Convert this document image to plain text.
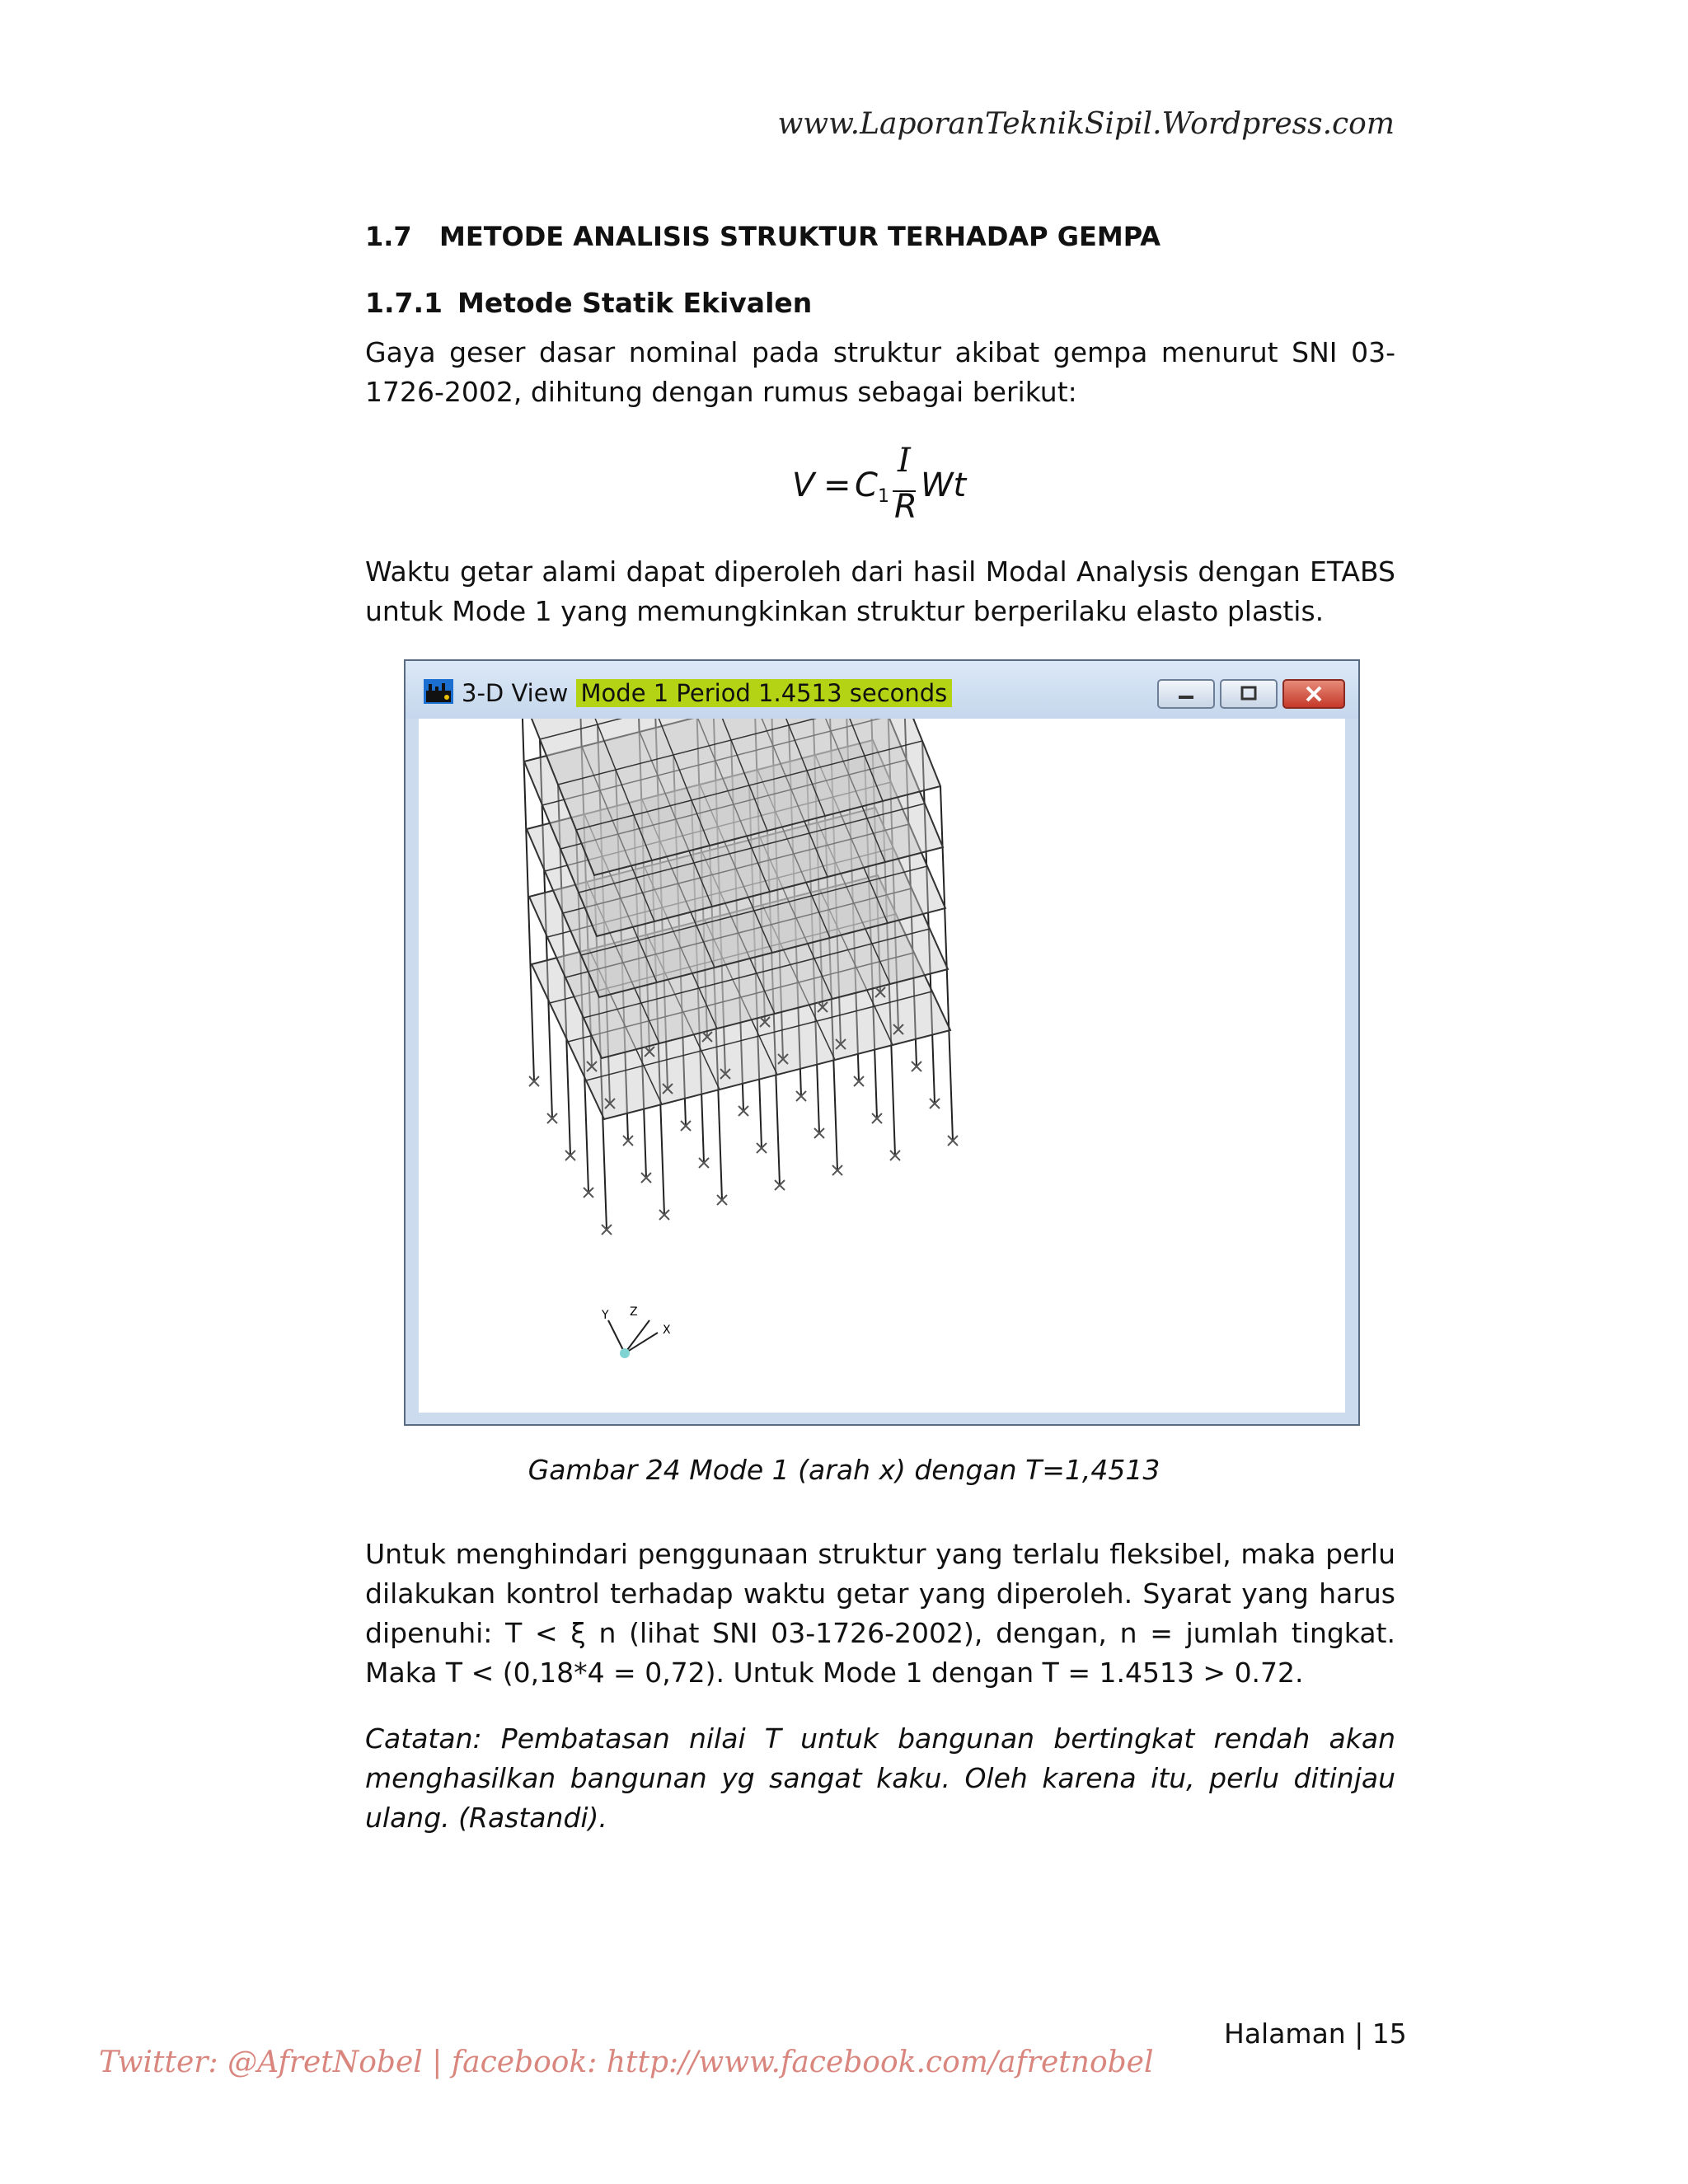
www.LaporanTeknikSipil.Wordpress.com
1.7 METODE ANALISIS STRUKTUR TERHADAP GEMPA
1.7.1 Metode Statik Ekivalen

Gaya geser dasar nominal pada struktur akibat gempa menurut SNI 03-1726-2002, dihitung dengan rumus sebagai berikut:

V = C 1
I
R
Wt

Waktu getar alami dapat diperoleh dari hasil Modal Analysis dengan ETABS untuk Mode 1 yang memungkinkan struktur berperilaku elasto plastis.

3-D View Mode 1 Period 1.4513 seconds
Z
Y
X
Gambar 24 Mode 1 (arah x) dengan T=1,4513

Untuk menghindari penggunaan struktur yang terlalu fleksibel, maka perlu dilakukan kontrol terhadap waktu getar yang diperoleh. Syarat yang harus dipenuhi: T < ξ n (lihat SNI 03-1726-2002), dengan, n = jumlah tingkat. Maka T < (0,18*4 = 0,72). Untuk Mode 1 dengan T = 1.4513 > 0.72.

Catatan: Pembatasan nilai T untuk bangunan bertingkat rendah akan menghasilkan bangunan yg sangat kaku. Oleh karena itu, perlu ditinjau ulang. (Rastandi).

Halaman | 15
Twitter: @AfretNobel | facebook: http://www.facebook.com/afretnobel
